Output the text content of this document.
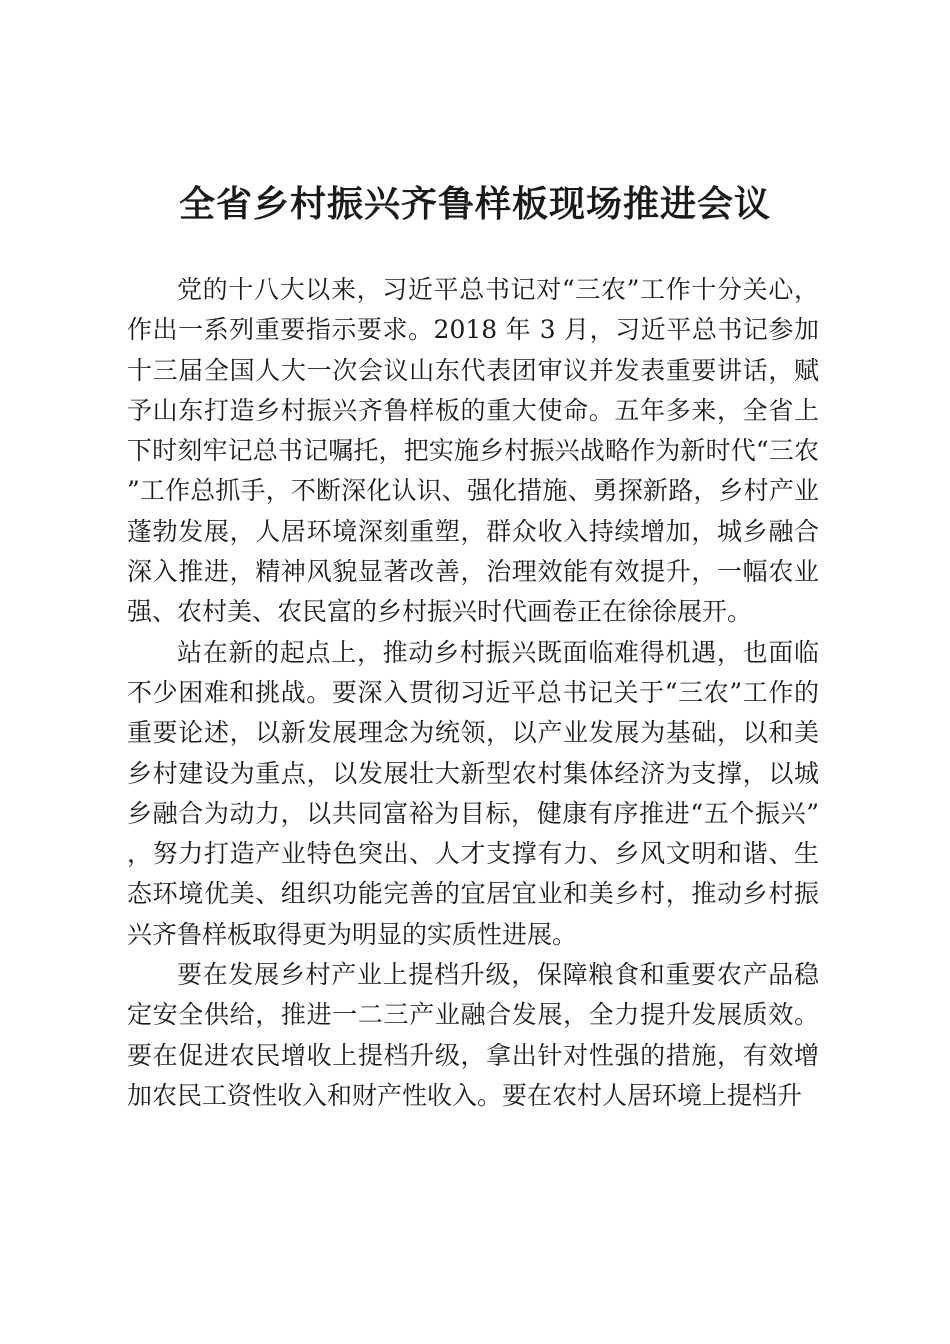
全省乡村振兴齐鲁样板现场推进会议

党的十八大以来，习近平总书记对“三农”工作十分关心，作出一系列重要指示要求。2018 年 3 月，习近平总书记参加十三届全国人大一次会议山东代表团审议并发表重要讲话，赋予山东打造乡村振兴齐鲁样板的重大使命。五年多来，全省上下时刻牢记总书记嘱托，把实施乡村振兴战略作为新时代“三农”工作总抓手，不断深化认识、强化措施、勇探新路，乡村产业蓬勃发展，人居环境深刻重塑，群众收入持续增加，城乡融合深入推进，精神风貌显著改善，治理效能有效提升，一幅农业强、农村美、农民富的乡村振兴时代画卷正在徐徐展开。

站在新的起点上，推动乡村振兴既面临难得机遇，也面临不少困难和挑战。要深入贯彻习近平总书记关于“三农”工作的重要论述，以新发展理念为统领，以产业发展为基础，以和美乡村建设为重点，以发展壮大新型农村集体经济为支撑，以城乡融合为动力，以共同富裕为目标，健康有序推进“五个振兴”，努力打造产业特色突出、人才支撑有力、乡风文明和谐、生态环境优美、组织功能完善的宜居宜业和美乡村，推动乡村振兴齐鲁样板取得更为明显的实质性进展。

要在发展乡村产业上提档升级，保障粮食和重要农产品稳定安全供给，推进一二三产业融合发展，全力提升发展质效。要在促进农民增收上提档升级，拿出针对性强的措施，有效增加农民工资性收入和财产性收入。要在农村人居环境上提档升
